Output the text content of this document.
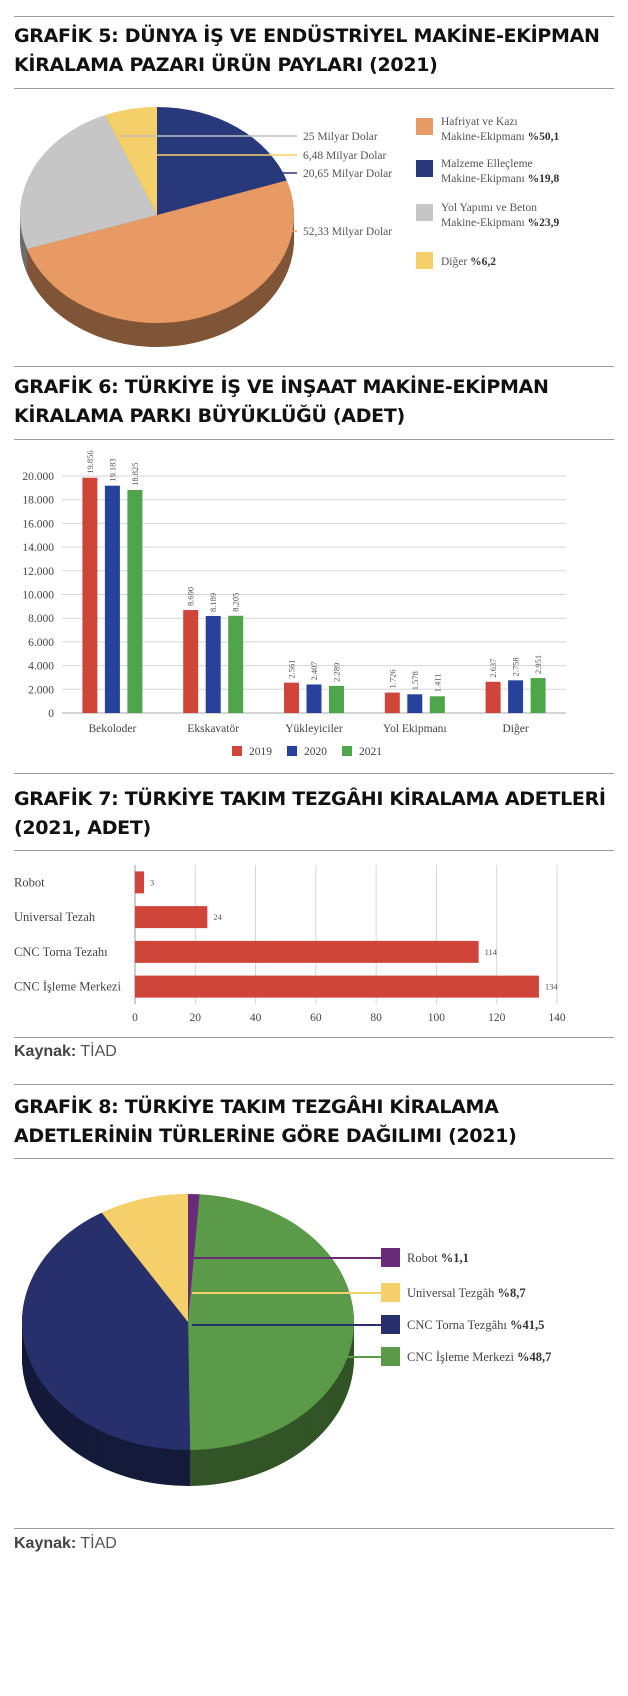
GRAFİK 5: DÜNYA İŞ VE ENDÜSTRİYEL MAKİNE-EKİPMAN
KİRALAMA PAZARI ÜRÜN PAYLARI (2021)
25 Milyar Dolar
6,48 Milyar Dolar
20,65 Milyar Dolar
52,33 Milyar Dolar
Hafriyat ve Kazı
Makine-Ekipmanı %50,1
Malzeme Elleçleme
Makine-Ekipmanı %19,8
Yol Yapımı ve Beton
Makine-Ekipmanı %23,9
Diğer %6,2
GRAFİK 6: TÜRKİYE İŞ VE İNŞAAT MAKİNE-EKİPMAN
KİRALAMA PARKI BÜYÜKLÜĞÜ (ADET)
0
2.000
4.000
6.000
8.000
10.000
12.000
14.000
16.000
18.000
20.000
19.856 19.183 18.825
Bekoloder
8.690 8.189 8.205
Ekskavatör
2.561 2.407 2.289
Yükleyiciler
1.726 1.578 1.411
Yol Ekipmanı
2.637 2.758 2.951
Diğer
2019	2020	2021
GRAFİK 7: TÜRKİYE TAKIM TEZGÂHI KİRALAMA ADETLERİ
(2021, ADET)
0	20	40	60	80	100	120	140
3
Robot
24
Universal Tezah
114
CNC Torna Tezahı
134
CNC İşleme Merkezi
Kaynak: TİAD
GRAFİK 8: TÜRKİYE TAKIM TEZGÂHI KİRALAMA
ADETLERİNİN TÜRLERİNE GÖRE DAĞILIMI (2021)
Robot %1,1
Universal Tezgâh %8,7
CNC Torna Tezgâhı %41,5
CNC İşleme Merkezi %48,7
Kaynak: TİAD
